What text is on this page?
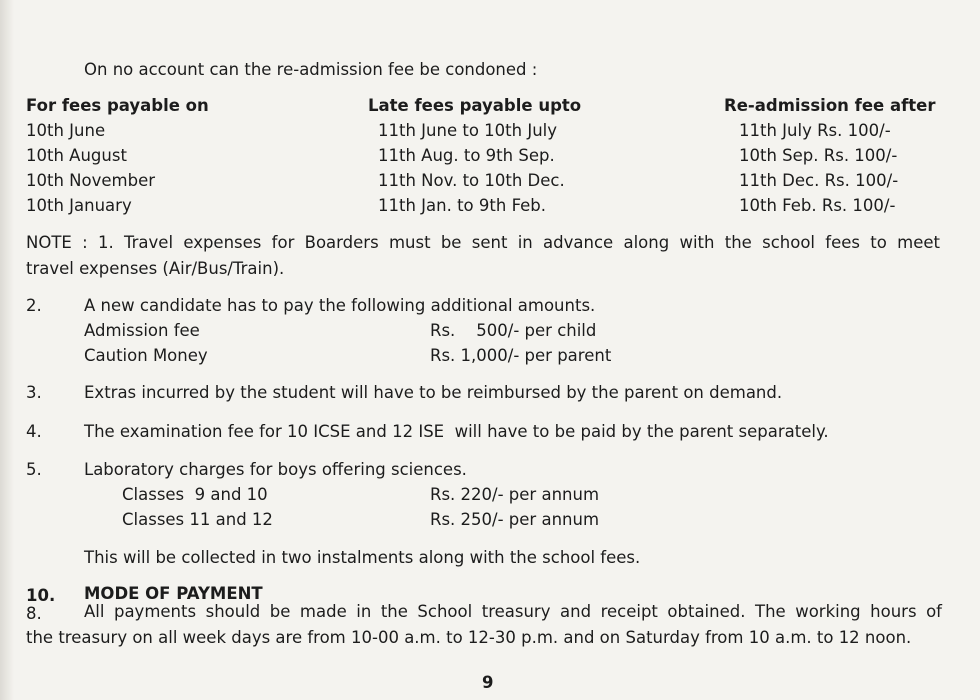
On no account can the re-admission fee be condoned :
For fees payable on	Late fees payable upto	Re-admission fee after
10th June	11th June to 10th July	11th July Rs. 100/-
10th August	11th Aug. to 9th Sep.	10th Sep. Rs. 100/-
10th November	11th Nov. to 10th Dec.	11th Dec. Rs. 100/-
10th January	11th Jan. to 9th Feb.	10th Feb. Rs. 100/-
NOTE : 1. Travel expenses for Boarders must be sent in advance along with the school fees to meet
travel expenses (Air/Bus/Train).
2.	A new candidate has to pay the following additional amounts.
Admission fee	Rs.    500/- per child
Caution Money	Rs. 1,000/- per parent
3.	Extras incurred by the student will have to be reimbursed by the parent on demand.
4.	The examination fee for 10 ICSE and 12 ISE  will have to be paid by the parent separately.
5.	Laboratory charges for boys offering sciences.
Classes  9 and 10	Rs. 220/- per annum
Classes 11 and 12	Rs. 250/- per annum
This will be collected in two instalments along with the school fees.
10. MODE OF PAYMENT
8.	All payments should be made in the School treasury and receipt obtained. The working hours of
the treasury on all week days are from 10-00 a.m. to 12-30 p.m. and on Saturday from 10 a.m. to 12 noon.
9
